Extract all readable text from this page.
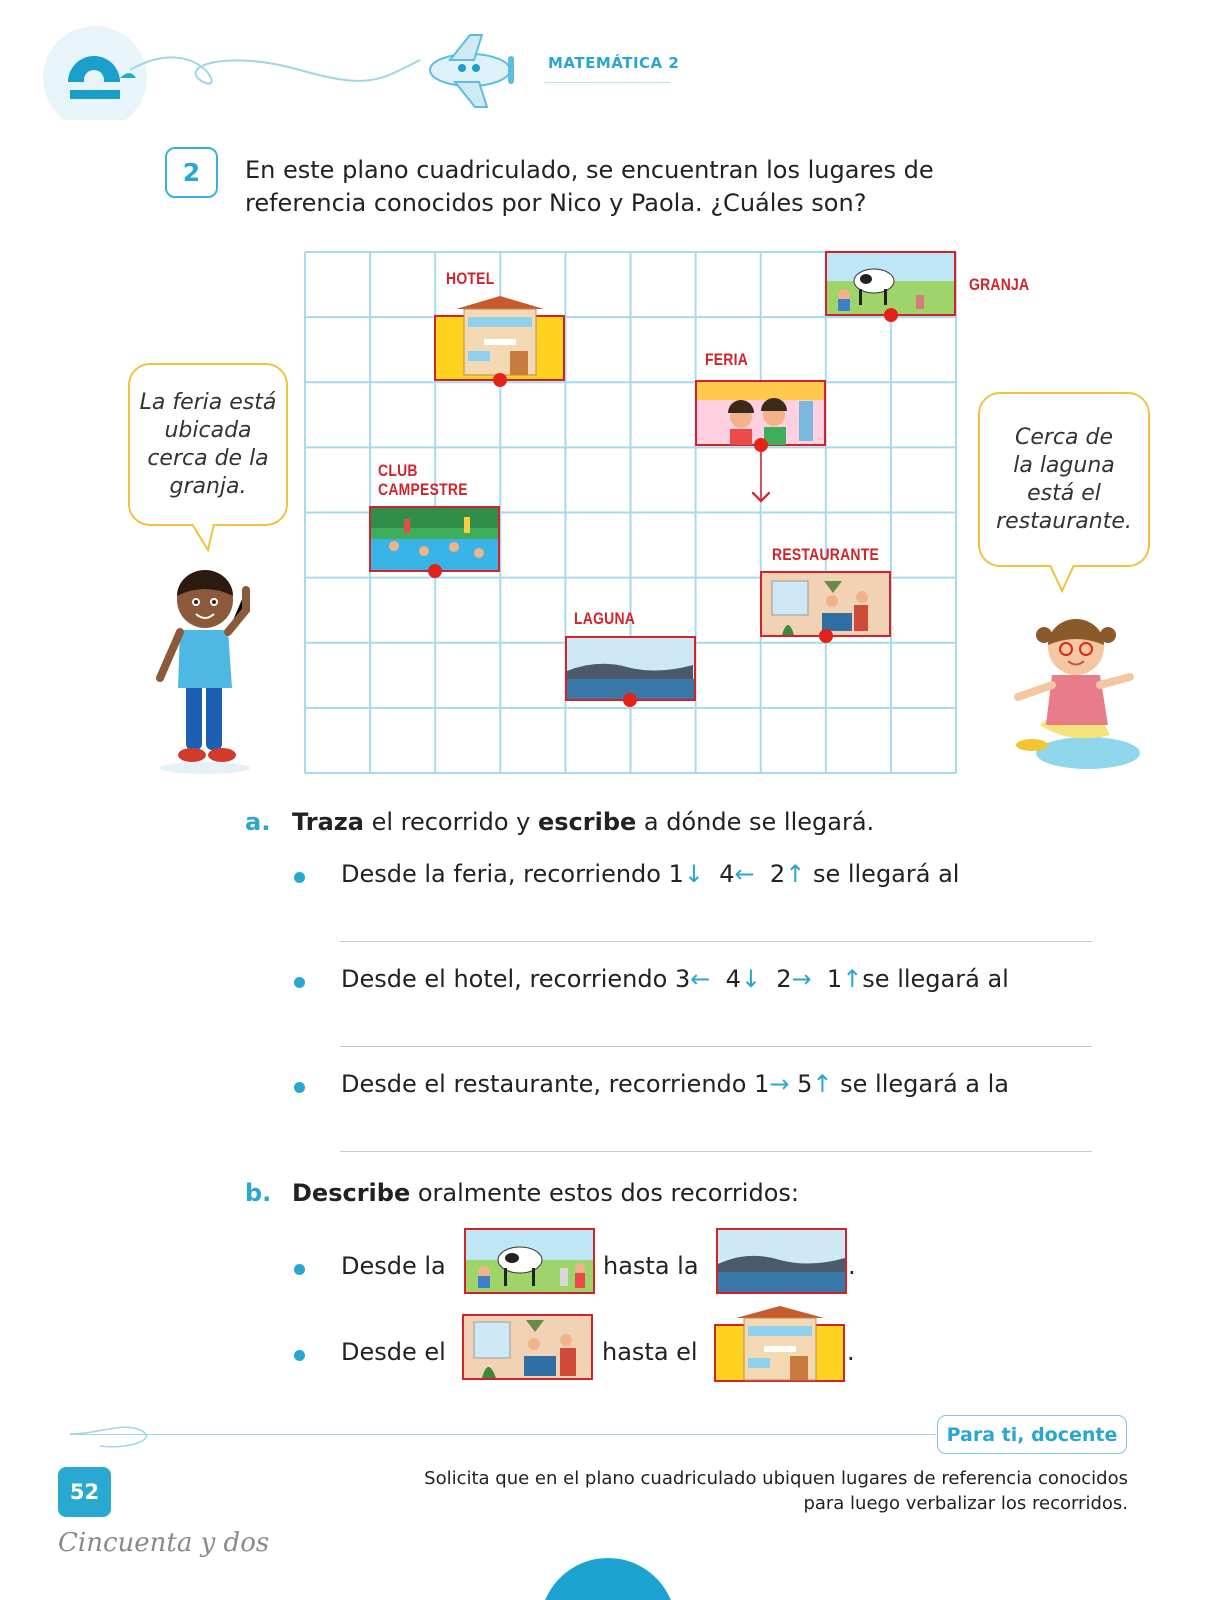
MATEMÁTICA 2
2	En este plano cuadriculado, se encuentran los lugares de
referencia conocidos por Nico y Paola. ¿Cuáles son?
HOTEL	GRANJA
FERIA
CLUB
CAMPESTRE
RESTAURANTE
LAGUNA
La feria está
ubicada
cerca de la
granja.
Cerca de
la laguna
está el
restaurante.
a. Traza el recorrido y escribe a dónde se llegará.
Desde la feria, recorriendo 1↓ 4← 2↑ se llegará al
Desde el hotel, recorriendo 3← 4↓ 2→ 1↑se llegará al
Desde el restaurante, recorriendo 1→ 5↑ se llegará a la
b. Describe oralmente estos dos recorridos:
Desde la	hasta la	.
Desde el	hasta el	.
Para ti, docente
Solicita que en el plano cuadriculado ubiquen lugares de referencia conocidos
para luego verbalizar los recorridos.
52
Cincuenta y dos
